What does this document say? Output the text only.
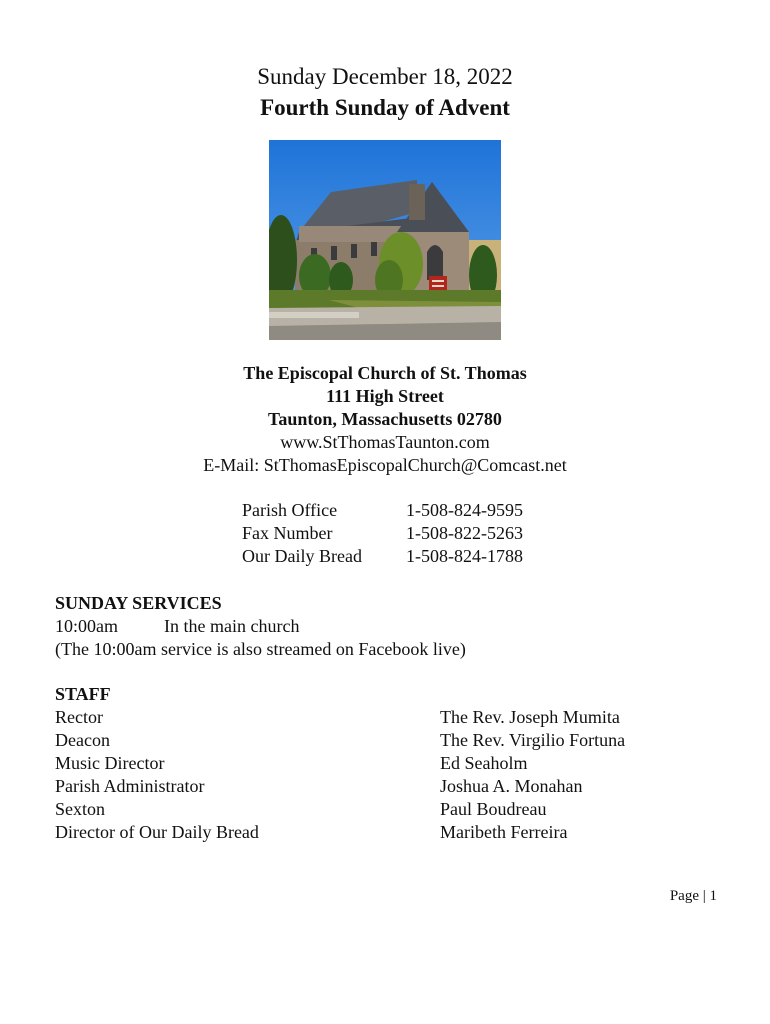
Sunday December 18, 2022
Fourth Sunday of Advent
The Episcopal Church of St. Thomas
111 High Street
Taunton, Massachusetts 02780
www.StThomasTaunton.com
E-Mail: StThomasEpiscopalChurch@Comcast.net
Parish Office	1-508-824-9595
Fax Number	1-508-822-5263
Our Daily Bread	1-508-824-1788
SUNDAY SERVICES
10:00am	In the main church
(The 10:00am service is also streamed on Facebook live)
STAFF
Rector	The Rev. Joseph Mumita
Deacon	The Rev. Virgilio Fortuna
Music Director	Ed Seaholm
Parish Administrator	Joshua A. Monahan
Sexton	Paul Boudreau
Director of Our Daily Bread	Maribeth Ferreira
Page | 1
